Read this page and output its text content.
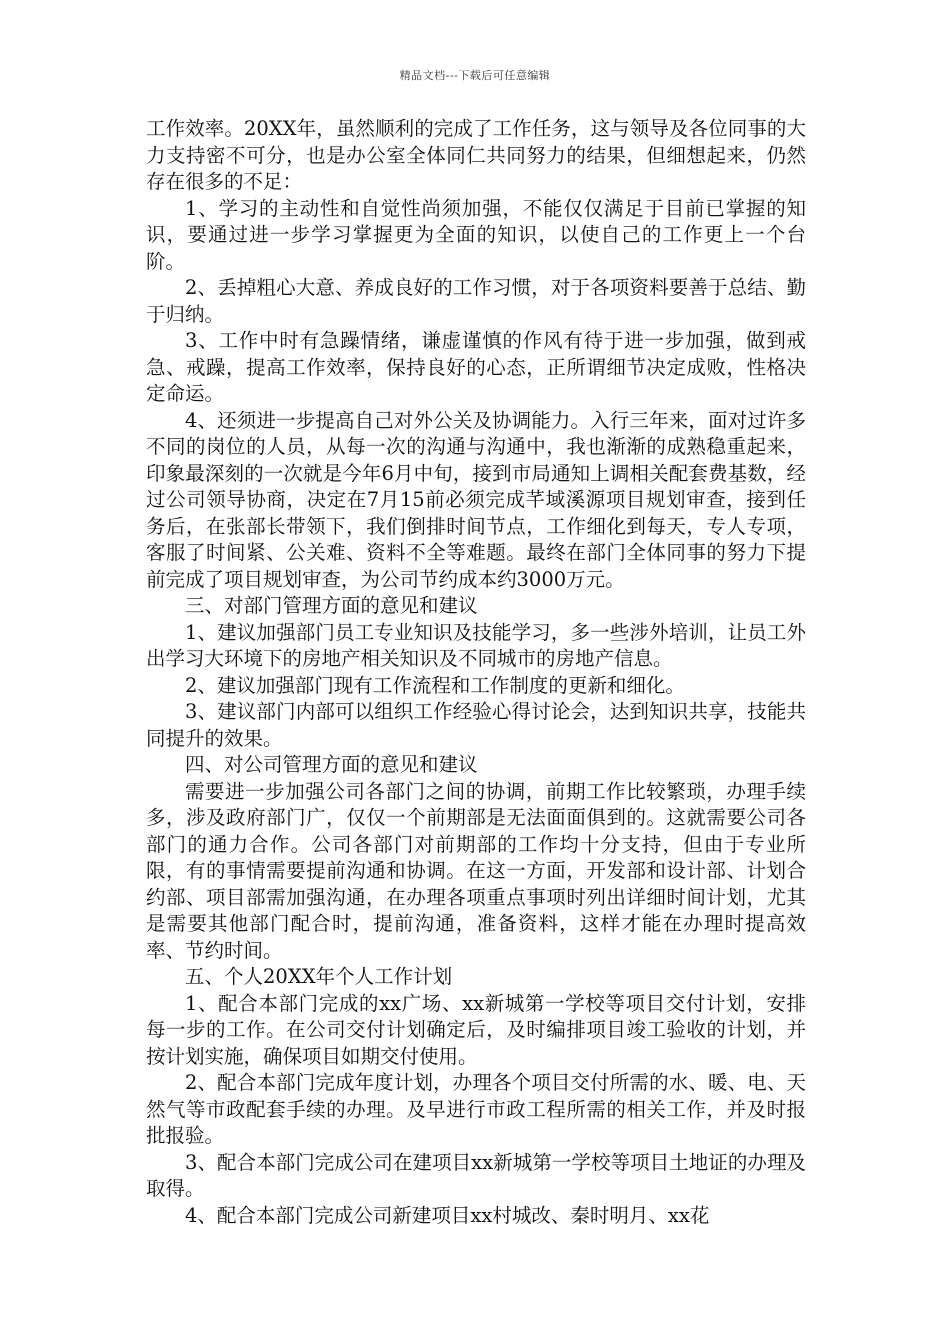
精品文档---下载后可任意编辑

工作效率。20XX年，虽然顺利的完成了工作任务，这与领导及各位同事的大力支持密不可分，也是办公室全体同仁共同努力的结果，但细想起来，仍然存在很多的不足：

1、学习的主动性和自觉性尚须加强，不能仅仅满足于目前已掌握的知识，要通过进一步学习掌握更为全面的知识，以使自己的工作更上一个台阶。

2、丢掉粗心大意、养成良好的工作习惯，对于各项资料要善于总结、勤于归纳。

3、工作中时有急躁情绪，谦虚谨慎的作风有待于进一步加强，做到戒急、戒躁，提高工作效率，保持良好的心态，正所谓细节决定成败，性格决定命运。

4、还须进一步提高自己对外公关及协调能力。入行三年来，面对过许多不同的岗位的人员，从每一次的沟通与沟通中，我也渐渐的成熟稳重起来，印象最深刻的一次就是今年6月中旬，接到市局通知上调相关配套费基数，经过公司领导协商，决定在7月15前必须完成芊域溪源项目规划审查，接到任务后，在张部长带领下，我们倒排时间节点，工作细化到每天，专人专项，客服了时间紧、公关难、资料不全等难题。最终在部门全体同事的努力下提前完成了项目规划审查，为公司节约成本约3000万元。

三、对部门管理方面的意见和建议

1、建议加强部门员工专业知识及技能学习，多一些涉外培训，让员工外出学习大环境下的房地产相关知识及不同城市的房地产信息。

2、建议加强部门现有工作流程和工作制度的更新和细化。

3、建议部门内部可以组织工作经验心得讨论会，达到知识共享，技能共同提升的效果。

四、对公司管理方面的意见和建议

需要进一步加强公司各部门之间的协调，前期工作比较繁琐，办理手续多，涉及政府部门广，仅仅一个前期部是无法面面俱到的。这就需要公司各部门的通力合作。公司各部门对前期部的工作均十分支持，但由于专业所限，有的事情需要提前沟通和协调。在这一方面，开发部和设计部、计划合约部、项目部需加强沟通，在办理各项重点事项时列出详细时间计划，尤其是需要其他部门配合时，提前沟通，准备资料，这样才能在办理时提高效率、节约时间。

五、个人20XX年个人工作计划

1、配合本部门完成的xx广场、xx新城第一学校等项目交付计划，安排每一步的工作。在公司交付计划确定后，及时编排项目竣工验收的计划，并按计划实施，确保项目如期交付使用。

2、配合本部门完成年度计划，办理各个项目交付所需的水、暖、电、天然气等市政配套手续的办理。及早进行市政工程所需的相关工作，并及时报批报验。

3、配合本部门完成公司在建项目xx新城第一学校等项目土地证的办理及取得。

4、配合本部门完成公司新建项目xx村城改、秦时明月、xx花
